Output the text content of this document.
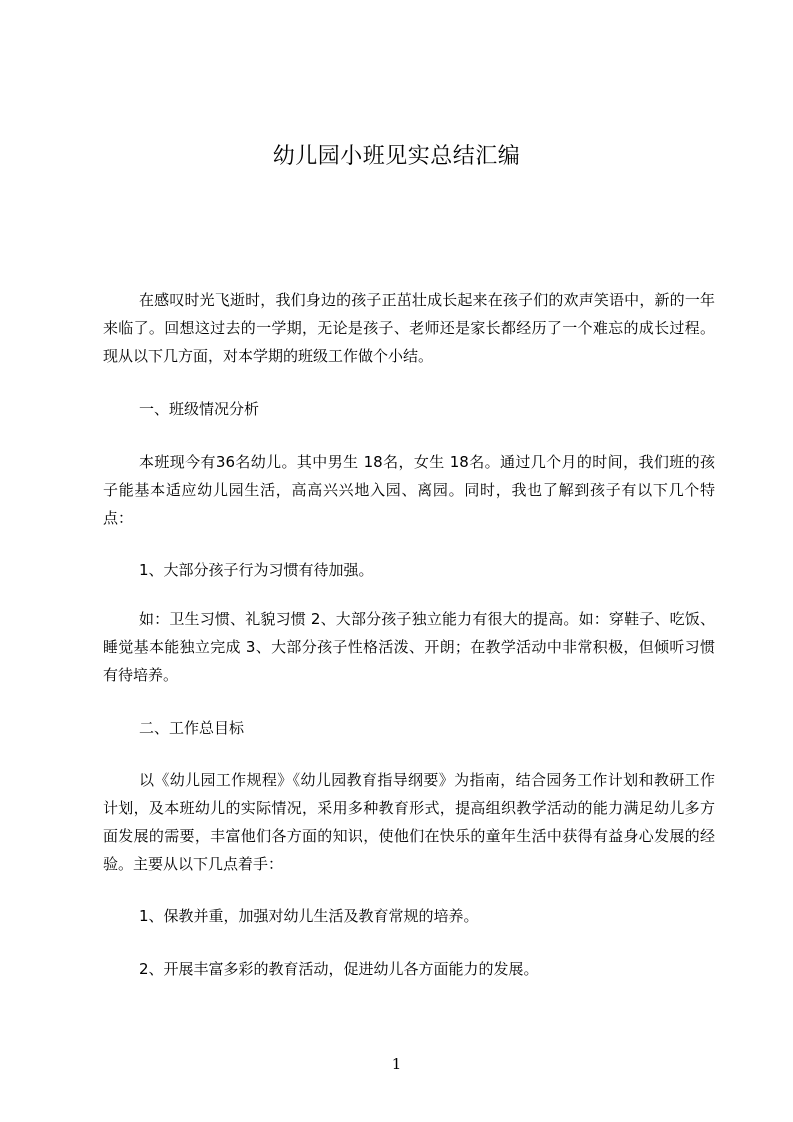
幼儿园小班见实总结汇编
在感叹时光飞逝时，我们身边的孩子正茁壮成长起来在孩子们的欢声笑语中，新的一年来临了。回想这过去的一学期，无论是孩子、老师还是家长都经历了一个难忘的成长过程。现从以下几方面，对本学期的班级工作做个小结。
一、班级情况分析
本班现今有36名幼儿。其中男生 18名，女生 18名。通过几个月的时间，我们班的孩子能基本适应幼儿园生活，高高兴兴地入园、离园。同时，我也了解到孩子有以下几个特点：
1、大部分孩子行为习惯有待加强。
如：卫生习惯、礼貌习惯 2、大部分孩子独立能力有很大的提高。如：穿鞋子、吃饭、睡觉基本能独立完成 3、大部分孩子性格活泼、开朗；在教学活动中非常积极，但倾听习惯有待培养。
二、工作总目标
以《幼儿园工作规程》《幼儿园教育指导纲要》为指南，结合园务工作计划和教研工作计划，及本班幼儿的实际情况，采用多种教育形式，提高组织教学活动的能力满足幼儿多方面发展的需要，丰富他们各方面的知识，使他们在快乐的童年生活中获得有益身心发展的经验。主要从以下几点着手：
1、保教并重，加强对幼儿生活及教育常规的培养。
2、开展丰富多彩的教育活动，促进幼儿各方面能力的发展。
1
